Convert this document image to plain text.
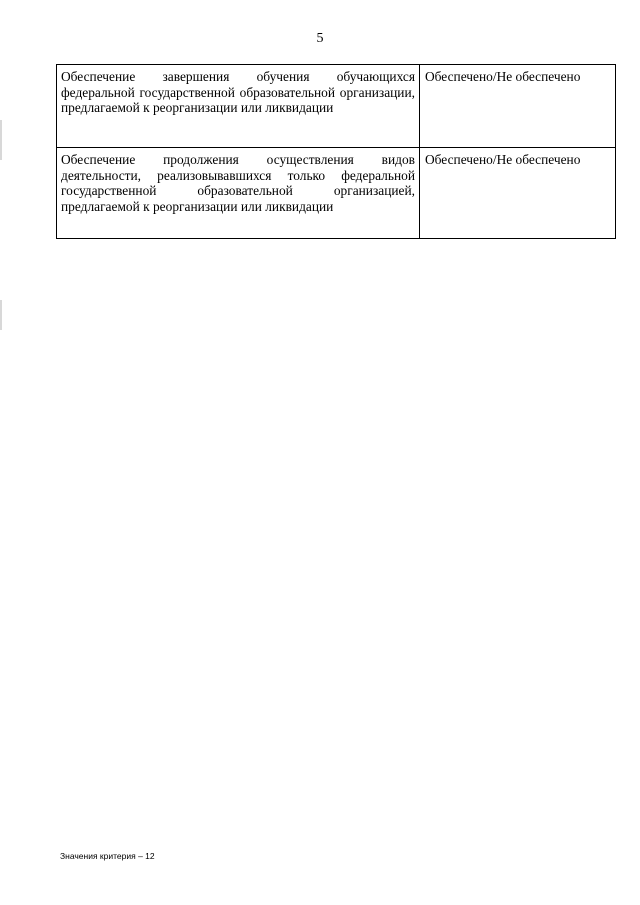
5
Обеспечение завершения обучения обучающихся федеральной государственной образовательной организации, предлагаемой к реорганизации или ликвидации	Обеспечено/Не обеспечено
Обеспечение продолжения осуществления видов деятельности, реализовывавшихся только федеральной государственной образовательной организацией, предлагаемой к реорганизации или ликвидации	Обеспечено/Не обеспечено
Значения критерия – 12
